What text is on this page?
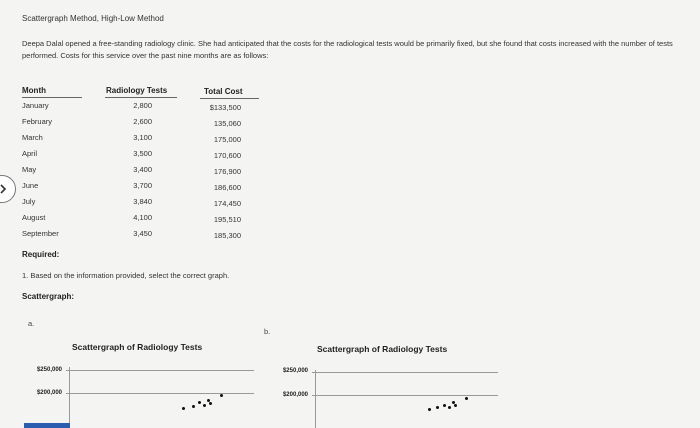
Scattergraph Method, High-Low Method
Deepa Dalal opened a free-standing radiology clinic. She had anticipated that the costs for the radiological tests would be primarily fixed, but she found that costs increased with the number of tests performed. Costs for this service over the past nine months are as follows:
Month	Radiology Tests	Total Cost
January	2,800	$133,500
February	2,600	135,060
March	3,100	175,000
April	3,500	170,600
May	3,400	176,900
June	3,700	186,600
July	3,840	174,450
August	4,100	195,510
September	3,450	185,300
Required:
1. Based on the information provided, select the correct graph.
Scattergraph:
a.
Scattergraph of Radiology Tests
$250,000
$200,000
b.
Scattergraph of Radiology Tests
$250,000
$200,000
